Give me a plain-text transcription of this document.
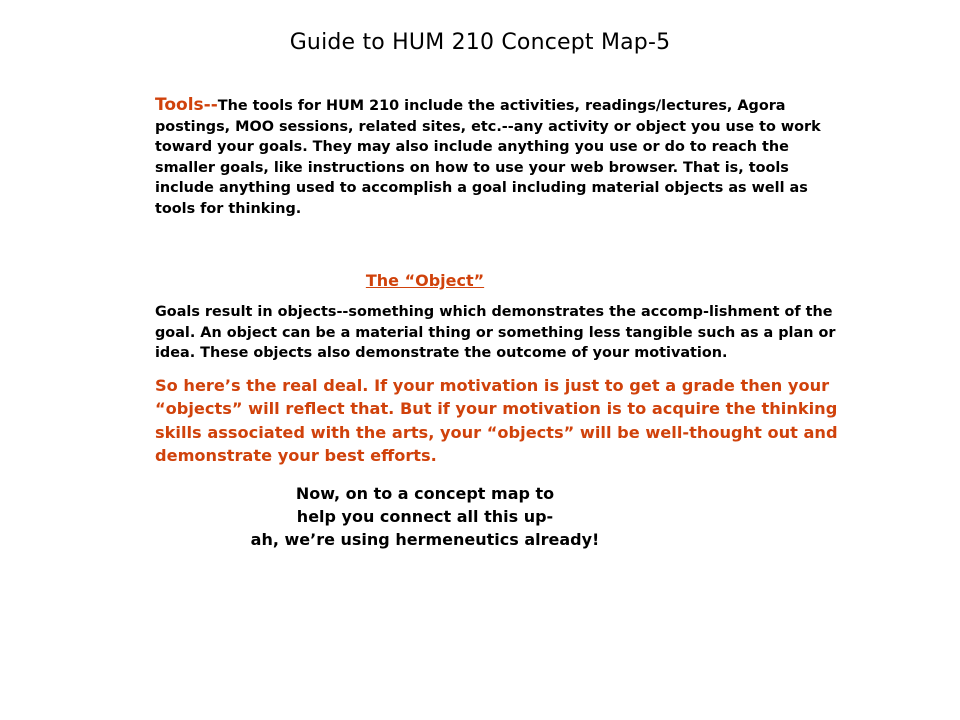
Guide to HUM 210 Concept Map-5

Tools--The tools for HUM 210 include the activities, readings/lectures, Agora postings, MOO sessions, related sites, etc.--any activity or object you use to work toward your goals. They may also include anything you use or do to reach the smaller goals, like instructions on how to use your web browser. That is, tools include anything used to accomplish a goal including material objects as well as tools for thinking.

The “Object”

Goals result in objects--something which demonstrates the accomp-lishment of the goal. An object can be a material thing or something less tangible such as a plan or idea. These objects also demonstrate the outcome of your motivation.

So here’s the real deal. If your motivation is just to get a grade then your “objects” will reflect that. But if your motivation is to acquire the thinking skills associated with the arts, your “objects” will be well-thought out and demonstrate your best efforts.

Now, on to a concept map to
help you connect all this up-
ah, we’re using hermeneutics already!
